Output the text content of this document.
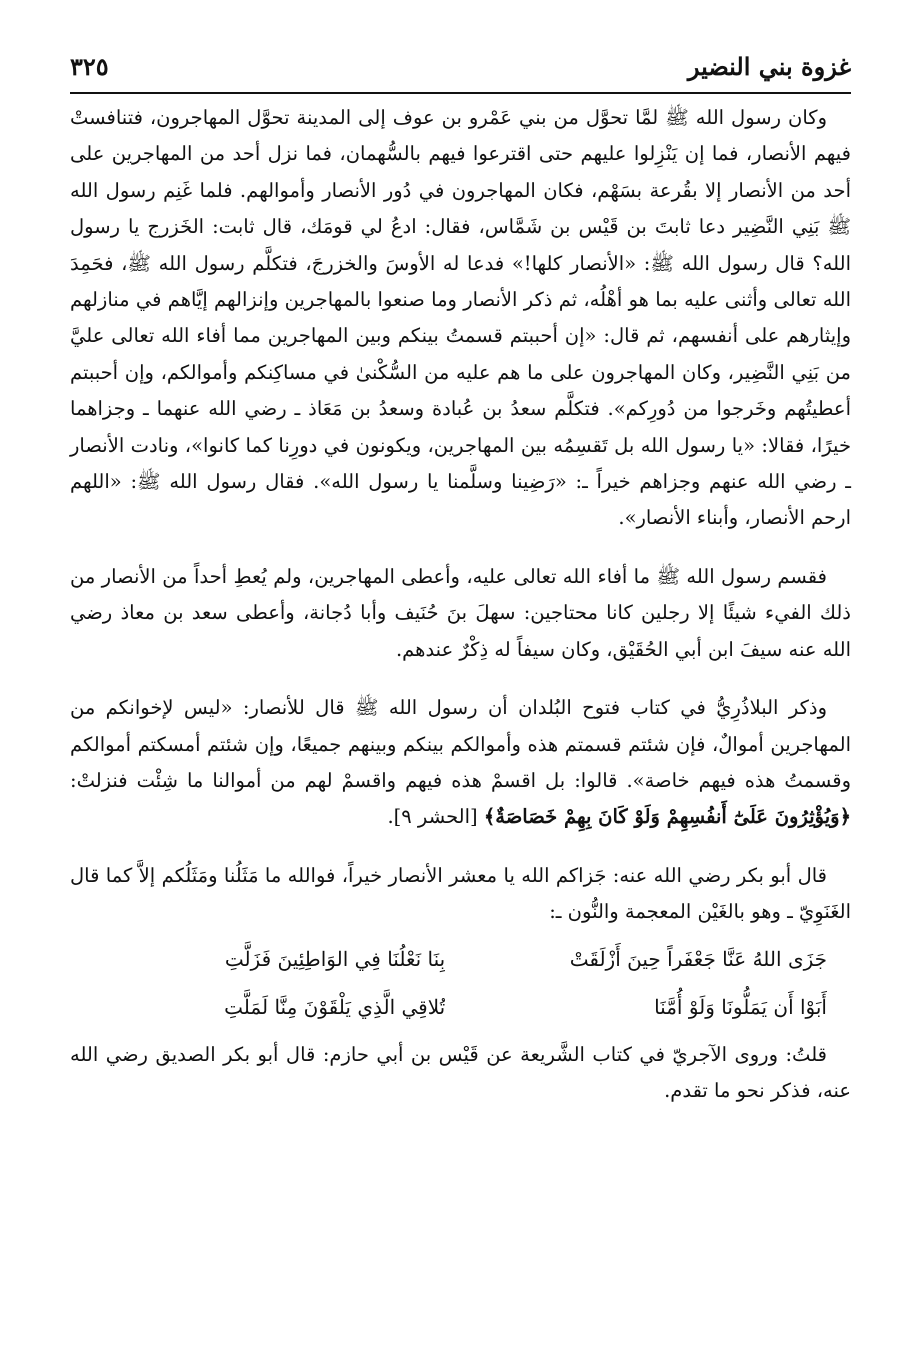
غزوة بني النضير
٣٢٥

وكان رسول الله ﷺ لمَّا تحوَّل من بني عَمْرو بن عوف إلى المدينة تحوَّل المهاجرون، فتنافستْ فيهم الأنصار، فما إن يَنْزِلوا عليهم حتى اقترعوا فيهم بالسُّهمان، فما نزل أحد من المهاجرين على أحد من الأنصار إلا بقُرعة بسَهْم، فكان المهاجرون في دُور الأنصار وأموالهم. فلما غَنِم رسول الله ﷺ بَنِي النَّضِير دعا ثابتَ بن قَيْس بن شَمَّاس، فقال: ادعُ لي قومَك، قال ثابت: الخَزرج يا رسول الله؟ قال رسول الله ﷺ: «الأنصار كلها!» فدعا له الأوسَ والخزرجَ، فتكلَّم رسول الله ﷺ، فحَمِدَ الله تعالى وأثنى عليه بما هو أهْلُه، ثم ذكر الأنصار وما صنعوا بالمهاجرين وإنزالهم إيَّاهم في منازلهم وإيثارهم على أنفسهم، ثم قال: «إن أحببتم قسمتُ بينكم وبين المهاجرين مما أفاء الله تعالى عليَّ من بَنِي النَّضِير، وكان المهاجرون على ما هم عليه من السُّكْنىٰ في مساكِنكم وأموالكم، وإن أحببتم أعطيتُهم وخَرجوا من دُورِكم». فتكلَّم سعدُ بن عُبادة وسعدُ بن مَعَاذ ـ رضي الله عنهما ـ وجزاهما خيرًا، فقالا: «يا رسول الله بل تَقسِمُه بين المهاجرين، ويكونون في دورِنا كما كانوا»، ونادت الأنصار ـ رضي الله عنهم وجزاهم خيراً ـ: «رَضِينا وسلَّمنا يا رسول الله». فقال رسول الله ﷺ: «اللهم ارحم الأنصار، وأبناء الأنصار».

فقسم رسول الله ﷺ ما أفاء الله تعالى عليه، وأعطى المهاجرين، ولم يُعطِ أحداً من الأنصار من ذلك الفيء شيئًا إلا رجلين كانا محتاجين: سهلَ بنَ حُنَيف وأبا دُجانة، وأعطى سعد بن معاذ رضي الله عنه سيفَ ابن أبي الحُقَيْق، وكان سيفاً له ذِكْرٌ عندهم.

وذكر البلاذُرِيُّ في كتاب فتوح البُلدان أن رسول الله ﷺ قال للأنصار: «ليس لإخوانكم من المهاجرين أموالٌ، فإن شئتم قسمتم هذه وأموالكم بينكم وبينهم جميعًا، وإن شئتم أمسكتم أموالكم وقسمتُ هذه فيهم خاصة». قالوا: بل اقسمْ هذه فيهم واقسمْ لهم من أموالنا ما شِئْت فنزلتْ: ﴿وَيُؤْثِرُونَ عَلَىٰٓ أَنفُسِهِمْ وَلَوْ كَانَ بِهِمْ خَصَاصَةٌ﴾ [الحشر ٩].

قال أبو بكر رضي الله عنه: جَزاكم الله يا معشر الأنصار خيراً، فوالله ما مَثَلُنا ومَثَلُكم إلاَّ كما قال الغَنَوِيّ ـ وهو بالغَيْن المعجمة والنُّون ـ:

جَزَى اللهُ عَنَّا جَعْفَراً حِينَ أَزْلَقَتْ
بِنَا نَعْلُنَا فِي الوَاطِئِينَ فَزَلَّتِ
أَبَوْا أَن يَمَلُّونَا وَلَوْ أُمَّنَا
تُلاقِي الَّذِي يَلْقَوْنَ مِنَّا لَمَلَّتِ

قلتُ: وروى الآجريّ في كتاب الشَّريعة عن قَيْس بن أبي حازم: قال أبو بكر الصديق رضي الله عنه، فذكر نحو ما تقدم.
